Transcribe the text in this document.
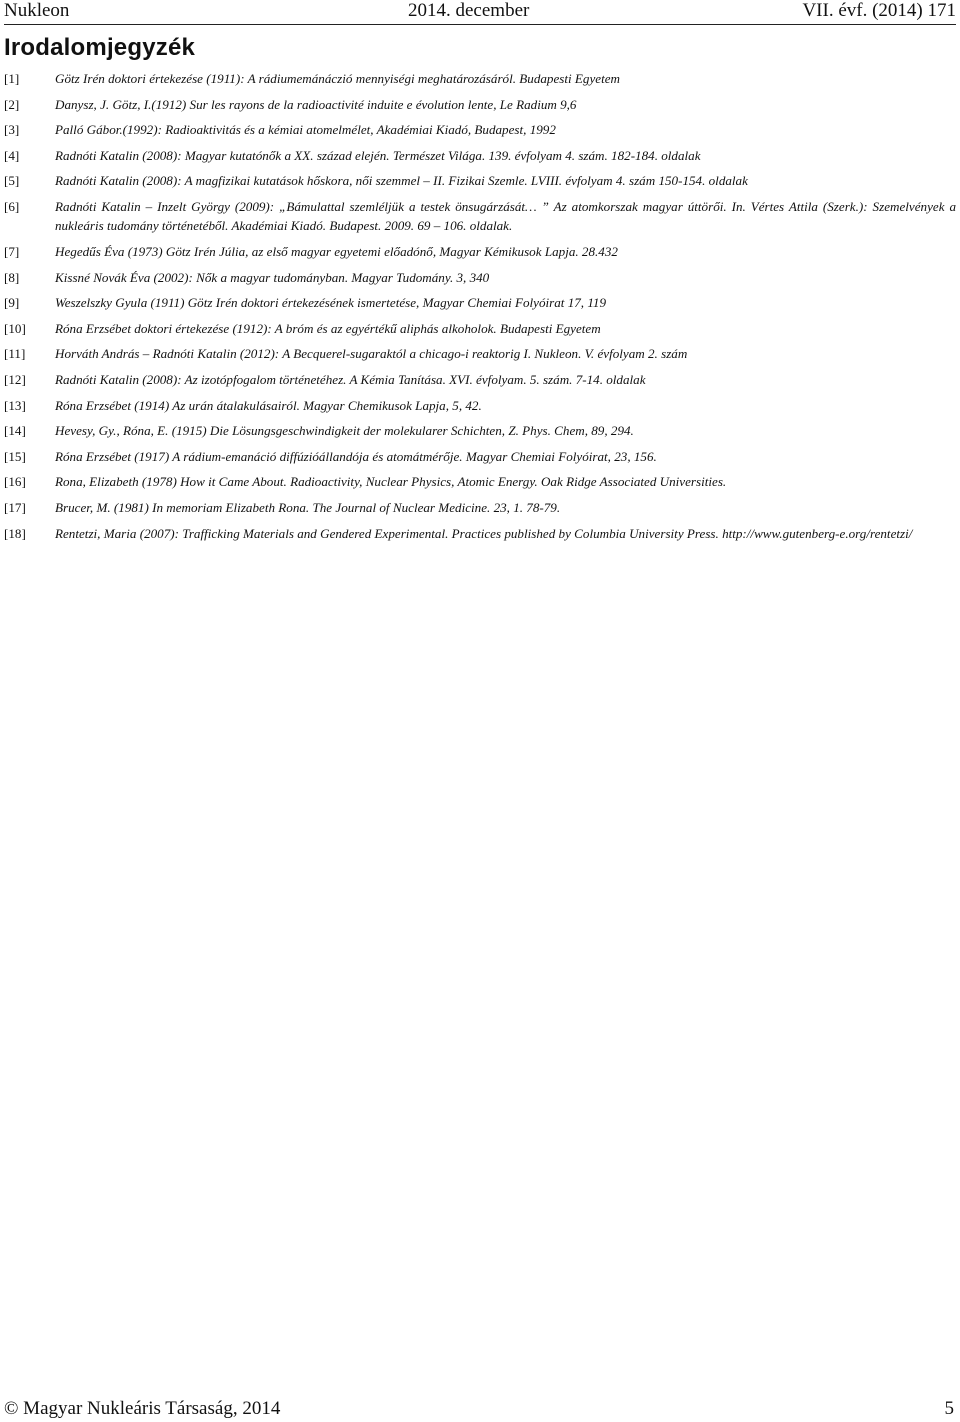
Nukleon	2014. december	VII. évf. (2014) 171
Irodalomjegyzék
[1]	Götz Irén doktori értekezése (1911): A rádiumemánáczió mennyiségi meghatározásáról. Budapesti Egyetem
[2]	Danysz, J. Götz, I.(1912) Sur les rayons de la radioactivité induite e évolution lente, Le Radium 9,6
[3]	Palló Gábor.(1992): Radioaktivitás és a kémiai atomelmélet, Akadémiai Kiadó, Budapest, 1992
[4]	Radnóti Katalin (2008): Magyar kutatónők a XX. század elején. Természet Világa. 139. évfolyam 4. szám. 182-184. oldalak
[5]	Radnóti Katalin (2008): A magfizikai kutatások hőskora, női szemmel – II. Fizikai Szemle. LVIII. évfolyam 4. szám 150-154. oldalak
[6]	Radnóti Katalin – Inzelt György (2009): „Bámulattal szemléljük a testek önsugárzását… ” Az atomkorszak magyar úttörői. In. Vértes Attila (Szerk.): Szemelvények a nukleáris tudomány történetéből. Akadémiai Kiadó. Budapest. 2009. 69 – 106. oldalak.
[7]	Hegedűs Éva (1973) Götz Irén Júlia, az első magyar egyetemi előadónő, Magyar Kémikusok Lapja. 28.432
[8]	Kissné Novák Éva (2002): Nők a magyar tudományban. Magyar Tudomány. 3, 340
[9]	Weszelszky Gyula (1911) Götz Irén doktori értekezésének ismertetése, Magyar Chemiai Folyóirat 17, 119
[10] Róna Erzsébet doktori értekezése (1912): A bróm és az egyértékű aliphás alkoholok. Budapesti Egyetem
[11] Horváth András – Radnóti Katalin (2012): A Becquerel-sugaraktól a chicago-i reaktorig I. Nukleon. V. évfolyam 2. szám
[12] Radnóti Katalin (2008): Az izotópfogalom történetéhez. A Kémia Tanítása. XVI. évfolyam. 5. szám. 7-14. oldalak
[13] Róna Erzsébet (1914) Az urán átalakulásairól. Magyar Chemikusok Lapja, 5, 42.
[14] Hevesy, Gy., Róna, E. (1915) Die Lösungsgeschwindigkeit der molekularer Schichten, Z. Phys. Chem, 89, 294.
[15] Róna Erzsébet (1917) A rádium-emanáció diffúzióállandója és atomátmérője. Magyar Chemiai Folyóirat, 23, 156.
[16] Rona, Elizabeth (1978) How it Came About. Radioactivity, Nuclear Physics, Atomic Energy. Oak Ridge Associated Universities.
[17] Brucer, M. (1981) In memoriam Elizabeth Rona. The Journal of Nuclear Medicine. 23, 1. 78-79.
[18] Rentetzi, Maria (2007): Trafficking Materials and Gendered Experimental. Practices published by Columbia University Press. http://www.gutenberg-e.org/rentetzi/
© Magyar Nukleáris Társaság, 2014	5
